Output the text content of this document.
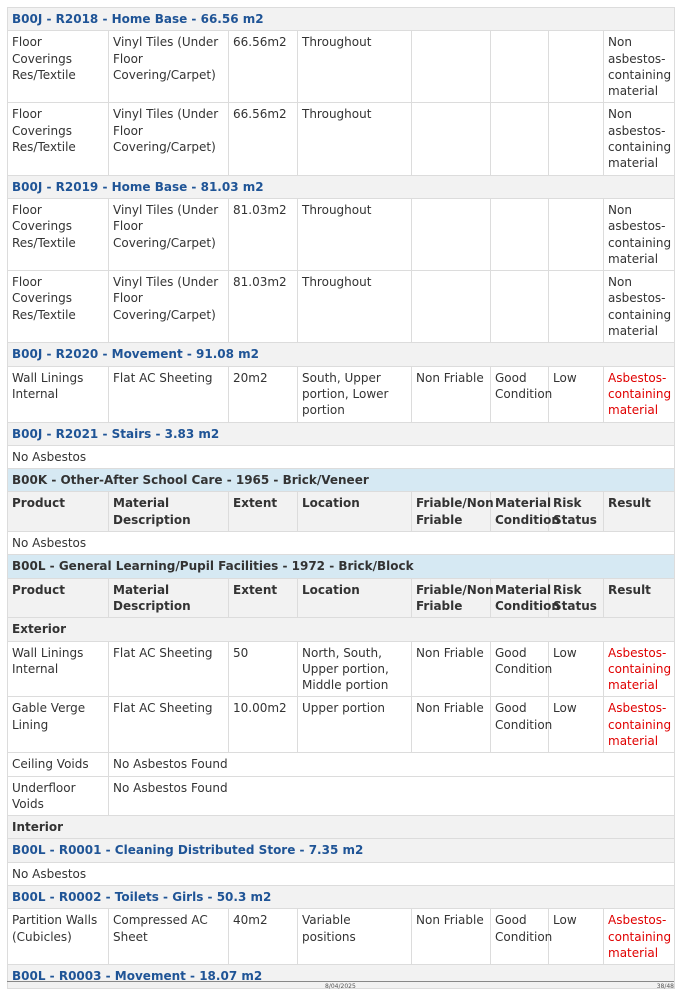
B00J - R2018 - Home Base - 66.56 m2							
Floor Coverings Res/Textile	Vinyl Tiles (Under Floor Covering/Carpet)	66.56m2	Throughout				Non asbestos-containing material
Floor Coverings Res/Textile	Vinyl Tiles (Under Floor Covering/Carpet)	66.56m2	Throughout				Non asbestos-containing material
B00J - R2019 - Home Base - 81.03 m2							
Floor Coverings Res/Textile	Vinyl Tiles (Under Floor Covering/Carpet)	81.03m2	Throughout				Non asbestos-containing material
Floor Coverings Res/Textile	Vinyl Tiles (Under Floor Covering/Carpet)	81.03m2	Throughout				Non asbestos-containing material
B00J - R2020 - Movement - 91.08 m2							
Wall Linings Internal	Flat AC Sheeting	20m2	South, Upper portion, Lower portion	Non Friable	Good Condition	Low	Asbestos-containing material
B00J - R2021 - Stairs - 3.83 m2							
No Asbestos							
B00K - Other-After School Care - 1965 - Brick/Veneer							
Product	Material Description	Extent	Location	Friable/Non Friable	Material Condition	Risk Status	Result
No Asbestos							
B00L - General Learning/Pupil Facilities - 1972 - Brick/Block							
Product	Material Description	Extent	Location	Friable/Non Friable	Material Condition	Risk Status	Result
Exterior							
Wall Linings Internal	Flat AC Sheeting	50	North, South, Upper portion, Middle portion	Non Friable	Good Condition	Low	Asbestos-containing material
Gable Verge Lining	Flat AC Sheeting	10.00m2	Upper portion	Non Friable	Good Condition	Low	Asbestos-containing material
Ceiling Voids	No Asbestos Found						
Underfloor Voids	No Asbestos Found						
Interior							
B00L - R0001 - Cleaning Distributed Store - 7.35 m2							
No Asbestos							
B00L - R0002 - Toilets - Girls - 50.3 m2							
Partition Walls (Cubicles)	Compressed AC Sheet	40m2	Variable positions	Non Friable	Good Condition	Low	Asbestos-containing material
B00L - R0003 - Movement - 18.07 m2							
8/04/2025	38/48
